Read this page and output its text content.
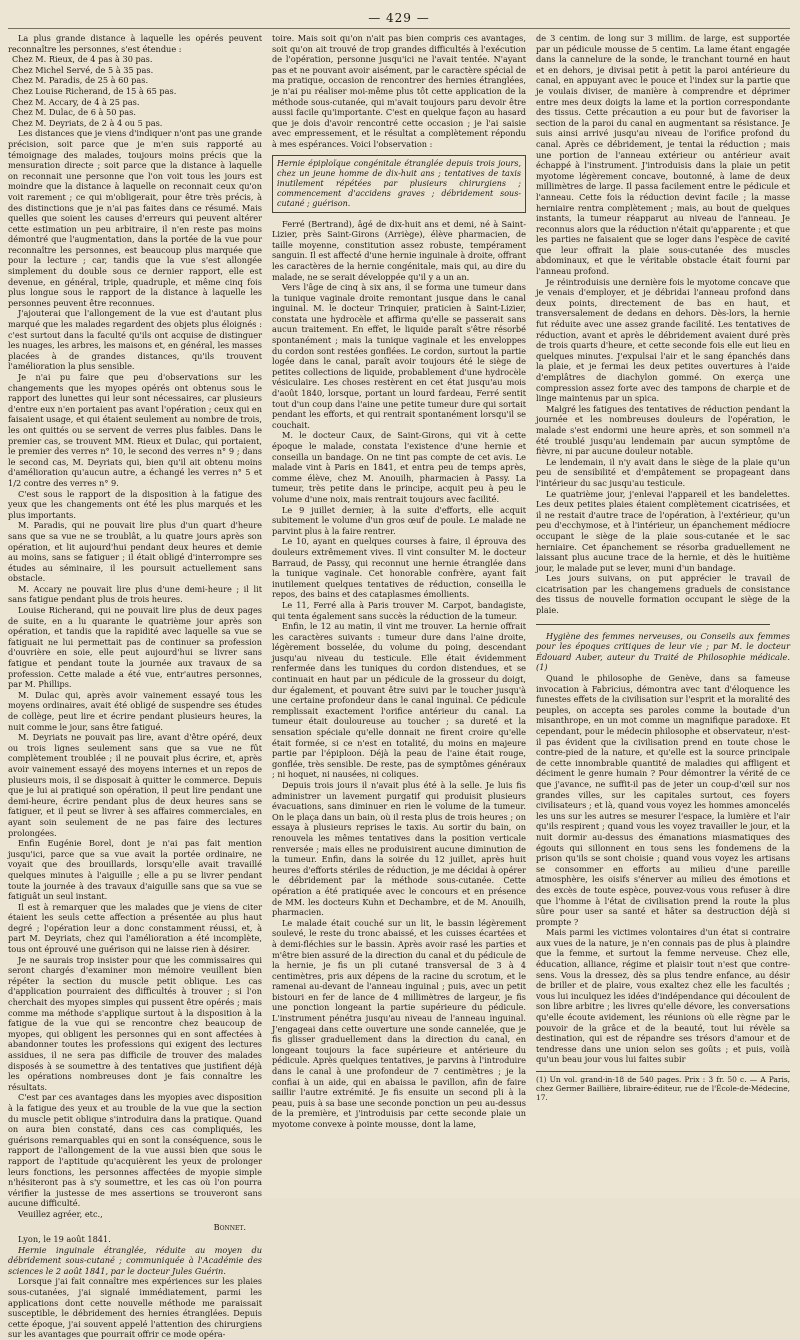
— 429 —

La plus grande distance à laquelle les opérés peuvent reconnaître les personnes, s'est étendue :

Chez M. Rieux, de 4 pas à 30 pas.
Chez Michel Servé, de 5 à 35 pas.
Chez M. Paradis, de 25 à 60 pas.
Chez Louise Richerand, de 15 à 65 pas.
Chez M. Accary, de 4 à 25 pas.
Chez M. Dulac, de 6 à 50 pas.
Chez M. Deyriats, de 2 à 4 ou 5 pas.

Les distances que je viens d'indiquer n'ont pas une grande précision, soit parce que je m'en suis rapporté au témoignage des malades, toujours moins précis que la mensuration directe ; soit parce que la distance à laquelle on reconnait une personne que l'on voit tous les jours est moindre que la distance à laquelle on reconnait ceux qu'on voit rarement ; ce qui m'obligerait, pour être très précis, à des distinctions que je n'ai pas faites dans ce résumé. Mais quelles que soient les causes d'erreurs qui peuvent altérer cette estimation un peu arbitraire, il n'en reste pas moins démontré que l'augmentation, dans la portée de la vue pour reconnaître les personnes, est beaucoup plus marquée que pour la lecture ; car, tandis que la vue s'est allongée simplement du double sous ce dernier rapport, elle est devenue, en général, triple, quadruple, et même cinq fois plus longue sous le rapport de la distance à laquelle les personnes peuvent être reconnues.

J'ajouterai que l'allongement de la vue est d'autant plus marqué que les malades regardent des objets plus éloignés : c'est surtout dans la faculté qu'ils ont acquise de distinguer les nuages, les arbres, les maisons et, en général, les masses placées à de grandes distances, qu'ils trouvent l'amélioration la plus sensible.

Je n'ai pu faire que peu d'observations sur les changements que les myopes opérés ont obtenus sous le rapport des lunettes qui leur sont nécessaires, car plusieurs d'entre eux n'en portaient pas avant l'opération ; ceux qui en faisaient usage, et qui étaient seulement au nombre de trois, les ont quittés ou se servent de verres plus faibles. Dans le premier cas, se trouvent MM. Rieux et Dulac, qui portaient, le premier des verres n° 10, le second des verres n° 9 ; dans le second cas, M. Deyriats qui, bien qu'il ait obtenu moins d'amélioration qu'aucun autre, a échangé les verres n° 5 et 1/2 contre des verres n° 9.

C'est sous le rapport de la disposition à la fatigue des yeux que les changements ont été les plus marqués et les plus importants.

M. Paradis, qui ne pouvait lire plus d'un quart d'heure sans que sa vue ne se troublât, a lu quatre jours après son opération, et lit aujourd'hui pendant deux heures et demie au moins, sans se fatiguer ; il était obligé d'interrompre ses études au séminaire, il les poursuit actuellement sans obstacle.

M. Accary ne pouvait lire plus d'une demi-heure ; il lit sans fatigue pendant plus de trois heures.

Louise Richerand, qui ne pouvait lire plus de deux pages de suite, en a lu quarante le quatrième jour après son opération, et tandis que la rapidité avec laquelle sa vue se fatiguait ne lui permettait pas de continuer sa profession d'ouvrière en soie, elle peut aujourd'hui se livrer sans fatigue et pendant toute la journée aux travaux de sa profession. Cette malade a été vue, entr'autres personnes, par M. Phillips.

M. Dulac qui, après avoir vainement essayé tous les moyens ordinaires, avait été obligé de suspendre ses études de collège, peut lire et écrire pendant plusieurs heures, la nuit comme le jour, sans être fatigué.

M. Deyriats ne pouvait pas lire, avant d'être opéré, deux ou trois lignes seulement sans que sa vue ne fût complètement troublée ; il ne pouvait plus écrire, et, après avoir vainement essayé des moyens internes et un repos de plusieurs mois, il se disposait à quitter le commerce. Depuis que je lui ai pratiqué son opération, il peut lire pendant une demi-heure, écrire pendant plus de deux heures sans se fatiguer, et il peut se livrer à ses affaires commerciales, en ayant soin seulement de ne pas faire des lectures prolongées.

Enfin Eugénie Borel, dont je n'ai pas fait mention jusqu'ici, parce que sa vue avait la portée ordinaire, ne voyait que des brouillards, lorsqu'elle avait travaillé quelques minutes à l'aiguille ; elle a pu se livrer pendant toute la journée à des travaux d'aiguille sans que sa vue se fatiguât un seul instant.

Il est à remarquer que les malades que je viens de citer étaient les seuls cette affection a présentée au plus haut degré ; l'opération leur a donc constamment réussi, et, à part M. Deyriats, chez qui l'amélioration a été incomplète, tous ont éprouvé une guérison qui ne laisse rien à désirer.

Je ne saurais trop insister pour que les commissaires qui seront chargés d'examiner mon mémoire veuillent bien répéter la section du muscle petit oblique. Les cas d'application pourraient des difficultés à trouver ; si l'on cherchait des myopes simples qui pussent être opérés ; mais comme ma méthode s'applique surtout à la disposition à la fatigue de la vue qui se rencontre chez beaucoup de myopes, qui obligent les personnes qui en sont affectées à abandonner toutes les professions qui exigent des lectures assidues, il ne sera pas difficile de trouver des malades disposés à se soumettre à des tentatives que justifient déjà les opérations nombreuses dont je fais connaître les résultats.

C'est par ces avantages dans les myopies avec disposition à la fatigue des yeux et au trouble de la vue que la section du muscle petit oblique s'introduira dans la pratique. Quand on aura bien constaté, dans ces cas compliqués, les guérisons remarquables qui en sont la conséquence, sous le rapport de l'allongement de la vue aussi bien que sous le rapport de l'aptitude qu'acquièrent les yeux de prolonger leurs fonctions, les personnes affectées de myopie simple n'hésiteront pas à s'y soumettre, et les cas où l'on pourra vérifier la justesse de mes assertions se trouveront sans aucune difficulté.

Veuillez agréer, etc.,

Bonnet.

Lyon, le 19 août 1841.

Hernie inguinale étranglée, réduite au moyen du débridement sous-cutané ; communiquée à l'Académie des sciences le 2 août 1841, par le docteur Jules Guérin.

Lorsque j'ai fait connaître mes expériences sur les plaies sous-cutanées, j'ai signalé immédiatement, parmi les applications dont cette nouvelle méthode me paraissait susceptible, le débridement des hernies étranglées. Depuis cette époque, j'ai souvent appelé l'attention des chirurgiens sur les avantages que pourrait offrir ce mode opéra-

toire. Mais soit qu'on n'ait pas bien compris ces avantages, soit qu'on ait trouvé de trop grandes difficultés à l'exécution de l'opération, personne jusqu'ici ne l'avait tentée. N'ayant pas et ne pouvant avoir aisément, par le caractère spécial de ma pratique, occasion de rencontrer des hernies étranglées, je n'ai pu réaliser moi-même plus tôt cette application de la méthode sous-cutanée, qui m'avait toujours paru devoir être aussi facile qu'importante. C'est en quelque façon au hasard que je dois d'avoir rencontré cette occasion ; je l'ai saisie avec empressement, et le résultat a complètement répondu à mes espérances. Voici l'observation :

Hernie épiploïque congénitale étranglée depuis trois jours, chez un jeune homme de dix-huit ans ; tentatives de taxis inutilement répétées par plusieurs chirurgiens ; commencement d'accidens graves ; débridement sous-cutané ; guérison.

Ferré (Bertrand), âgé de dix-huit ans et demi, né à Saint-Lizier, près Saint-Girons (Arriège), élève pharmacien, de taille moyenne, constitution assez robuste, tempérament sanguin. Il est affecté d'une hernie inguinale à droite, offrant les caractères de la hernie congénitale, mais qui, au dire du malade, ne se serait développée qu'il y a un an.

Vers l'âge de cinq à six ans, il se forma une tumeur dans la tunique vaginale droite remontant jusque dans le canal inguinal. M. le docteur Trinquier, praticien à Saint-Lizier, constata une hydrocèle et affirma qu'elle se passerait sans aucun traitement. En effet, le liquide paraît s'être résorbé spontanément ; mais la tunique vaginale et les enveloppes du cordon sont restées gonflées. Le cordon, surtout la partie logée dans le canal, paraît avoir toujours été le siège de petites collections de liquide, probablement d'une hydrocèle vésiculaire. Les choses restèrent en cet état jusqu'au mois d'août 1840, lorsque, portant un lourd fardeau, Ferré sentit tout d'un coup dans l'aine une petite tumeur dure qui sortait pendant les efforts, et qui rentrait spontanément lorsqu'il se couchait.

M. le docteur Caux, de Saint-Girons, qui vit à cette époque le malade, constata l'existence d'une hernie et conseilla un bandage. On ne tint pas compte de cet avis. Le malade vint à Paris en 1841, et entra peu de temps après, comme élève, chez M. Anouilh, pharmacien à Passy. La tumeur, très petite dans le principe, acquit peu à peu le volume d'une noix, mais rentrait toujours avec facilité.

Le 9 juillet dernier, à la suite d'efforts, elle acquit subitement le volume d'un gros œuf de poule. Le malade ne parvint plus à la faire rentrer.

Le 10, ayant en quelques courses à faire, il éprouva des douleurs extrêmement vives. Il vint consulter M. le docteur Barraud, de Passy, qui reconnut une hernie étranglée dans la tunique vaginale. Cet honorable confrère, ayant fait inutilement quelques tentatives de réduction, conseilla le repos, des bains et des cataplasmes émollients.

Le 11, Ferré alla à Paris trouver M. Carpot, bandagiste, qui tenta également sans succès la réduction de la tumeur.

Enfin, le 12 au matin, il vint me trouver. La hernie offrait les caractères suivants : tumeur dure dans l'aine droite, légèrement bosselée, du volume du poing, descendant jusqu'au niveau du testicule. Elle était évidemment renfermée dans les tuniques du cordon distendues, et se continuait en haut par un pédicule de la grosseur du doigt, dur également, et pouvant être suivi par le toucher jusqu'à une certaine profondeur dans le canal inguinal. Ce pédicule remplissait exactement l'orifice antérieur du canal. La tumeur était douloureuse au toucher ; sa dureté et la sensation spéciale qu'elle donnait ne firent croire qu'elle était formée, si ce n'est en totalité, du moins en majeure partie par l'épiploon. Déjà la peau de l'aine était rouge, gonflée, très sensible. De reste, pas de symptômes généraux ; ni hoquet, ni nausées, ni coliques.

Depuis trois jours il n'avait plus été à la selle. Je luis fis administrer un lavement purgatif qui produisit plusieurs évacuations, sans diminuer en rien le volume de la tumeur. On le plaça dans un bain, où il resta plus de trois heures ; on essaya à plusieurs reprises le taxis. Au sortir du bain, on renouvela les mêmes tentatives dans la position verticale renversée ; mais elles ne produisirent aucune diminution de la tumeur. Enfin, dans la soirée du 12 juillet, après huit heures d'efforts stériles de réduction, je me décidai à opérer le débridement par la méthode sous-cutanée. Cette opération a été pratiquée avec le concours et en présence de MM. les docteurs Kuhn et Dechambre, et de M. Anouilh, pharmacien.

Le malade était couché sur un lit, le bassin légèrement soulevé, le reste du tronc abaissé, et les cuisses écartées et à demi-fléchies sur le bassin. Après avoir rasé les parties et m'être bien assuré de la direction du canal et du pédicule de la hernie, je fis un pli cutané transversal de 3 à 4 centimètres, pris aux dépens de la racine du scrotum, et le ramenai au-devant de l'anneau inguinal ; puis, avec un petit bistouri en fer de lance de 4 millimètres de largeur, je fis une ponction longeant la partie supérieure du pédicule. L'instrument pénétra jusqu'au niveau de l'anneau inguinal. J'engageai dans cette ouverture une sonde cannelée, que je fis glisser graduellement dans la direction du canal, en longeant toujours la face supérieure et antérieure du pédicule. Après quelques tentatives, je parvins à l'introduire dans le canal à une profondeur de 7 centimètres ; je la confiai à un aide, qui en abaissa le pavillon, afin de faire saillir l'autre extrémité. Je fis ensuite un second pli à la peau, puis à sa base une seconde ponction un peu au-dessus de la première, et j'introduisis par cette seconde plaie un myotome convexe à pointe mousse, dont la lame,

de 3 centim. de long sur 3 millim. de large, est supportée par un pédicule mousse de 5 centim. La lame étant engagée dans la cannelure de la sonde, le tranchant tourné en haut et en dehors, je divisai petit à petit la paroi antérieure du canal, en appuyant avec le pouce et l'index sur la partie que je voulais diviser, de manière à comprendre et déprimer entre mes deux doigts la lame et la portion correspondante des tissus. Cette précaution a eu pour but de favoriser la section de la paroi du canal en augmentant sa résistance. Je suis ainsi arrivé jusqu'au niveau de l'orifice profond du canal. Après ce débridement, je tentai la réduction ; mais une portion de l'anneau extérieur ou antérieur avait échappé à l'instrument. J'introduisis dans la plaie un petit myotome légèrement concave, boutonné, à lame de deux millimètres de large. Il passa facilement entre le pédicule et l'anneau. Cette fois la réduction devint facile ; la masse herniaire rentra complètement ; mais, au bout de quelques instants, la tumeur réapparut au niveau de l'anneau. Je reconnus alors que la réduction n'était qu'apparente ; et que les parties ne faisaient que se loger dans l'espèce de cavité que leur offrait la plaie sous-cutanée des muscles abdominaux, et que le véritable obstacle était fourni par l'anneau profond.

Je réintroduisis une dernière fois le myotome concave que je venais d'employer, et je débridai l'anneau profond dans deux points, directement de bas en haut, et transversalement de dedans en dehors. Dès-lors, la hernie fut réduite avec une assez grande facilité. Les tentatives de réduction, avant et après le débridement avaient duré près de trois quarts d'heure, et cette seconde fois elle eut lieu en quelques minutes. J'expulsai l'air et le sang épanchés dans la plaie, et je fermai les deux petites ouvertures à l'aide d'emplâtres de diachylon gommé. On exerça une compression assez forte avec des tampons de charpie et de linge maintenus par un spica.

Malgré les fatigues des tentatives de réduction pendant la journée et les nombreuses douleurs de l'opération, le malade s'est endormi une heure après, et son sommeil n'a été troublé jusqu'au lendemain par aucun symptôme de fièvre, ni par aucune douleur notable.

Le lendemain, il n'y avait dans le siège de la plaie qu'un peu de sensibilité et d'empâtement se propageant dans l'intérieur du sac jusqu'au testicule.

Le quatrième jour, j'enlevai l'appareil et les bandelettes. Les deux petites plaies étaient complètement cicatrisées, et il ne restait d'autre trace de l'opération, à l'extérieur, qu'un peu d'ecchymose, et à l'intérieur, un épanchement médiocre occupant le siège de la plaie sous-cutanée et le sac herniaire. Cet épanchement se résorba graduellement ne laissant plus aucune trace de la hernie, et dès le huitième jour, le malade put se lever, muni d'un bandage.

Les jours suivans, on put apprécier le travail de cicatrisation par les changemens graduels de consistance des tissus de nouvelle formation occupant le siège de la plaie.

Hygiène des femmes nerveuses, ou Conseils aux femmes pour les époques critiques de leur vie ; par M. le docteur Édouard Auber, auteur du Traité de Philosophie médicale. (1)

Quand le philosophe de Genève, dans sa fameuse invocation à Fabricius, démontra avec tant d'éloquence les funestes effets de la civilisation sur l'esprit et la moralité des peuples, on accepta ses paroles comme la boutade d'un misanthrope, en un mot comme un magnifique paradoxe. Et cependant, pour le médecin philosophe et observateur, n'est-il pas évident que la civilisation prend en toute chose le contre-pied de la nature, et qu'elle est la source principale de cette innombrable quantité de maladies qui affligent et déciment le genre humain ? Pour démontrer la vérité de ce que j'avance, ne suffit-il pas de jeter un coup-d'œil sur nos grandes villes, sur les capitales surtout, ces foyers civilisateurs ; et là, quand vous voyez les hommes amoncelés les uns sur les autres se mesurer l'espace, la lumière et l'air qu'ils respirent ; quand vous les voyez travailler le jour, et la nuit dormir au-dessus des émanations miasmatiques des égouts qui sillonnent en tous sens les fondemens de la prison qu'ils se sont choisie ; quand vous voyez les artisans se consommer en efforts au milieu d'une pareille atmosphère, les oisifs s'énerver au milieu des émotions et des excès de toute espèce, pouvez-vous vous refuser à dire que l'homme à l'état de civilisation prend la route la plus sûre pour user sa santé et hâter sa destruction déjà si prompte ?

Mais parmi les victimes volontaires d'un état si contraire aux vues de la nature, je n'en connais pas de plus à plaindre que la femme, et surtout la femme nerveuse. Chez elle, éducation, alliance, régime et plaisir tout n'est que contre-sens. Vous la dressez, dès sa plus tendre enfance, au désir de briller et de plaire, vous exaltez chez elle les facultés ; vous lui inculquez les idées d'indépendance qui découlent de son libre arbitre ; les livres qu'elle dévore, les conversations qu'elle écoute avidement, les réunions où elle règne par le pouvoir de la grâce et de la beauté, tout lui révèle sa destination, qui est de répandre ses trésors d'amour et de tendresse dans une union selon ses goûts ; et puis, voilà qu'un beau jour vous lui faites subir

(1) Un vol. grand-in-18 de 540 pages. Prix : 3 fr. 50 c. — A Paris, chez Germer Baillière, libraire-éditeur, rue de l'École-de-Médecine, 17.
